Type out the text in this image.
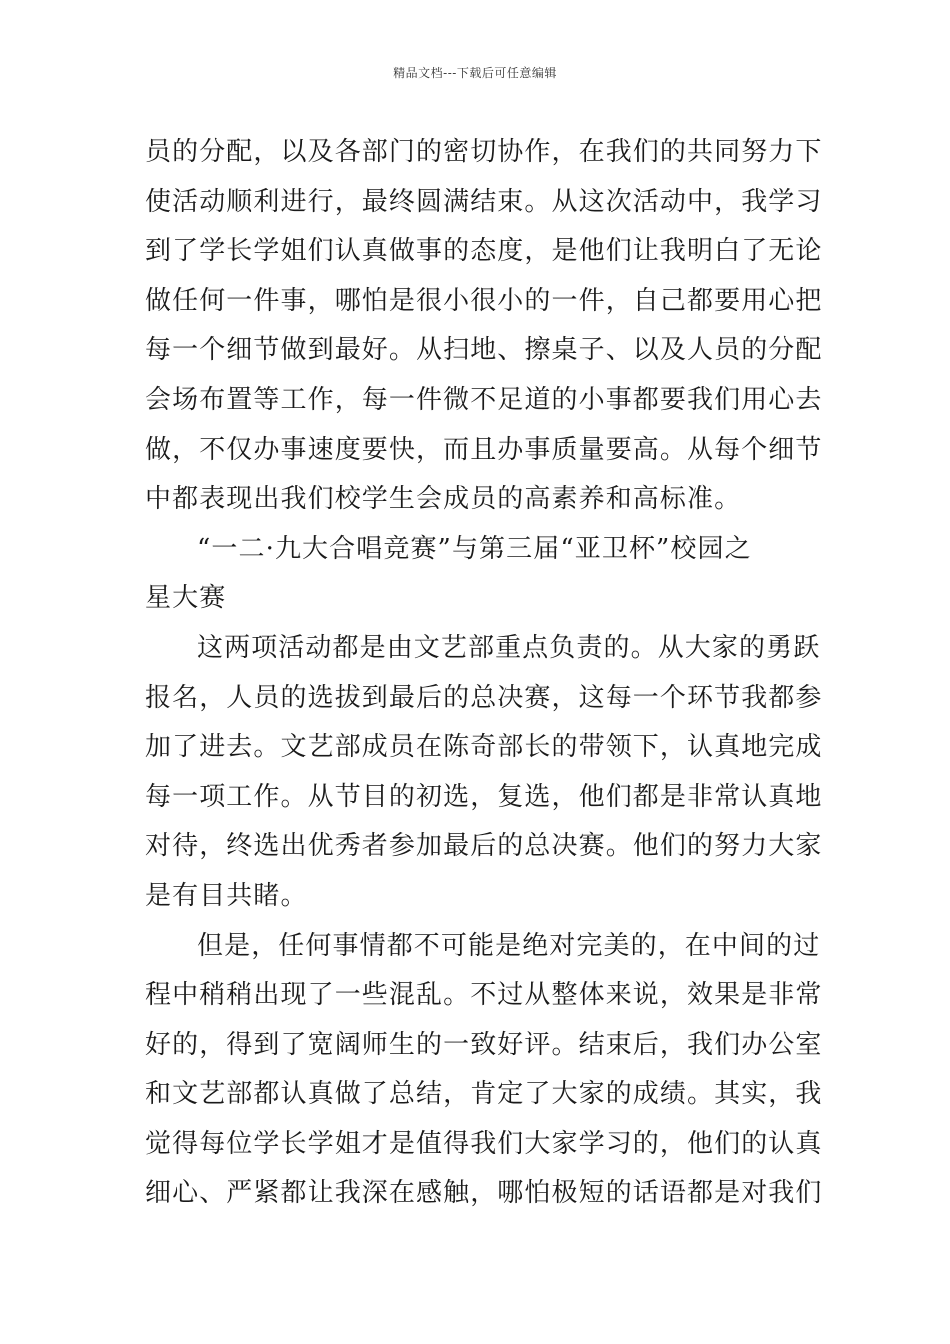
精品文档---下载后可任意编辑
员的分配，以及各部门的密切协作，在我们的共同努力下
使活动顺利进行，最终圆满结束。从这次活动中，我学习
到了学长学姐们认真做事的态度，是他们让我明白了无论
做任何一件事，哪怕是很小很小的一件，自己都要用心把
每一个细节做到最好。从扫地、擦桌子、以及人员的分配
会场布置等工作，每一件微不足道的小事都要我们用心去
做，不仅办事速度要快，而且办事质量要高。从每个细节
中都表现出我们校学生会成员的高素养和高标准。
“一二·九大合唱竞赛”与第三届“亚卫杯”校园之
星大赛
这两项活动都是由文艺部重点负责的。从大家的勇跃
报名，人员的选拔到最后的总决赛，这每一个环节我都参
加了进去。文艺部成员在陈奇部长的带领下，认真地完成
每一项工作。从节目的初选，复选，他们都是非常认真地
对待，终选出优秀者参加最后的总决赛。他们的努力大家
是有目共睹。
但是，任何事情都不可能是绝对完美的，在中间的过
程中稍稍出现了一些混乱。不过从整体来说，效果是非常
好的，得到了宽阔师生的一致好评。结束后，我们办公室
和文艺部都认真做了总结，肯定了大家的成绩。其实，我
觉得每位学长学姐才是值得我们大家学习的，他们的认真
细心、严紧都让我深在感触，哪怕极短的话语都是对我们
